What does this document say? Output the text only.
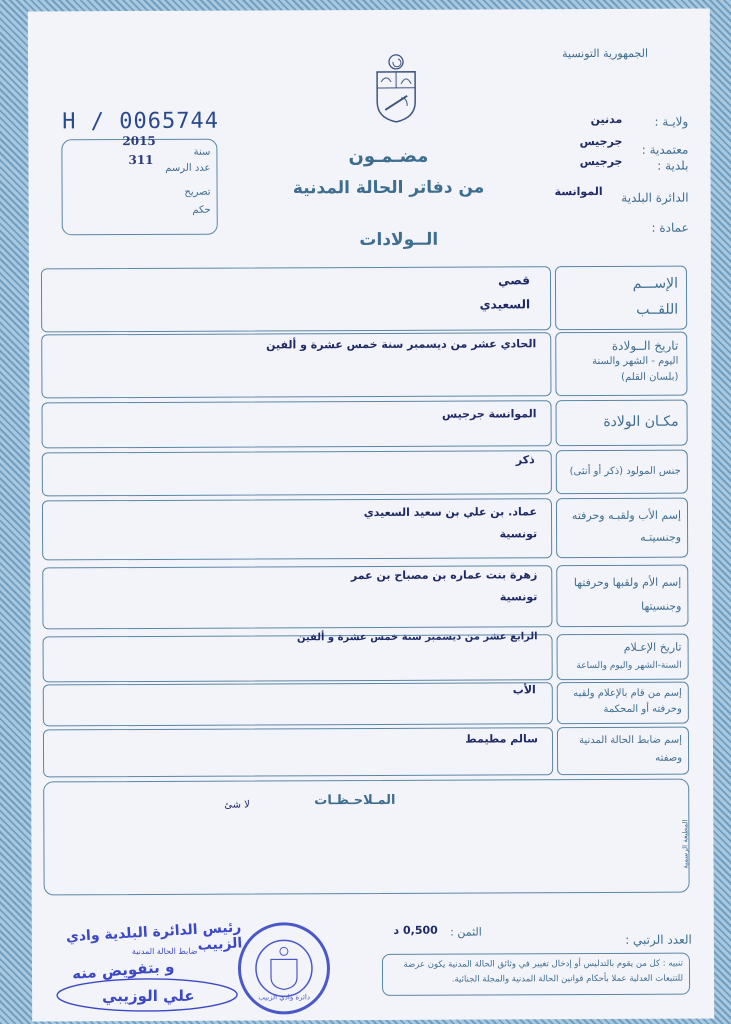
الجمهورية التونسية
H / 0065744
2015
سنة
311
عدد الرسم
تصريح
حكم
مضـمـون
من دفاتر الحالة المدنية
الــولادات
ولايـة :
مدنين
معتمدية :
جرجيس
بلدية :
جرجيس
الدائرة البلدية
الموانسة
عمادة :
الإســـم
اللقــب
قصي
السعيدي
تاريخ الــولادة
اليوم - الشهر والسنة
(بلسان القلم)
الحادي عشر من ديسمبر سنة خمس عشرة و ألفين
مكـان الولادة
الموانسة جرجيس
جنس المولود (ذكر أو أنثى)
ذكر
إسم الأب ولقبـه وحرفته
وجنسيتـه
عماد. بن علي بن سعيد السعيدي
تونسية
إسم الأم ولقبها وحرفتها
وجنسيتها
زهرة بنت عماره بن مصباح بن عمر
تونسية
تاريخ الإعـلام
السنة-الشهر واليوم والساعة
الرابع عشر من ديسمبر سنة خمس عشرة و ألفين
إسم من قام بالإعلام ولقبه
وحرفته أو المحكمة
الأب
إسم ضابط الحالة المدنية
وصفته
سالم مطيمط
المـلاحـظـات
لا شئ
المطبعة الرسمية
العدد الرتبي :
الثمن :
0,500 د
تنبيه : كل من يقوم بالتدليس أو إدخال تغيير في وثائق الحالة المدنية يكون عرضة للتتبعات العدلية عملا بأحكام قوانين الحالة المدنية والمجلة الجنائية.
رئيس الدائرة البلدية وادي الزبيب
ضابط الحالة المدنية
و بتفويض منه
علي الوزيبي	دائرة وادي الزبيب
